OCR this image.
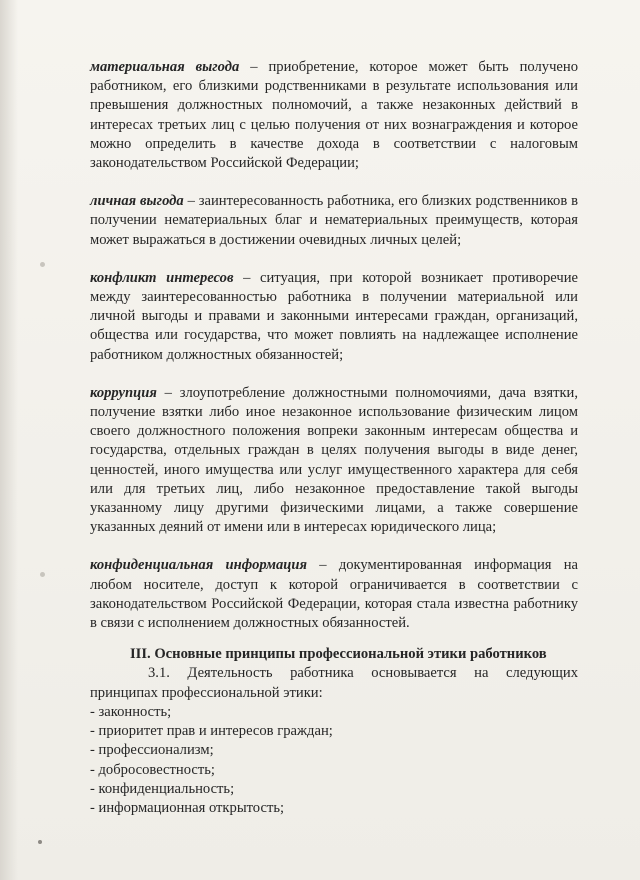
материальная выгода – приобретение, которое может быть получено работником, его близкими родственниками в результате использования или превышения должностных полномочий, а также незаконных действий в интересах третьих лиц с целью получения от них вознаграждения и которое можно определить в качестве дохода в соответствии с налоговым законодательством Российской Федерации;

личная выгода – заинтересованность работника, его близких родственников в получении нематериальных благ и нематериальных преимуществ, которая может выражаться в достижении очевидных личных целей;

конфликт интересов – ситуация, при которой возникает противоречие между заинтересованностью работника в получении материальной или личной выгоды и правами и законными интересами граждан, организаций, общества или государства, что может повлиять на надлежащее исполнение работником должностных обязанностей;

коррупция – злоупотребление должностными полномочиями, дача взятки, получение взятки либо иное незаконное использование физическим лицом своего должностного положения вопреки законным интересам общества и государства, отдельных граждан в целях получения выгоды в виде денег, ценностей, иного имущества или услуг имущественного характера для себя или для третьих лиц, либо незаконное предоставление такой выгоды указанному лицу другими физическими лицами, а также совершение указанных деяний от имени или в интересах юридического лица;

конфиденциальная информация – документированная информация на любом носителе, доступ к которой ограничивается в соответствии с законодательством Российской Федерации, которая стала известна работнику в связи с исполнением должностных обязанностей.

III. Основные принципы профессиональной этики работников

3.1. Деятельность работника основывается на следующих принципах профессиональной этики:

- законность;

- приоритет прав и интересов граждан;

- профессионализм;

- добросовестность;

- конфиденциальность;

- информационная открытость;
